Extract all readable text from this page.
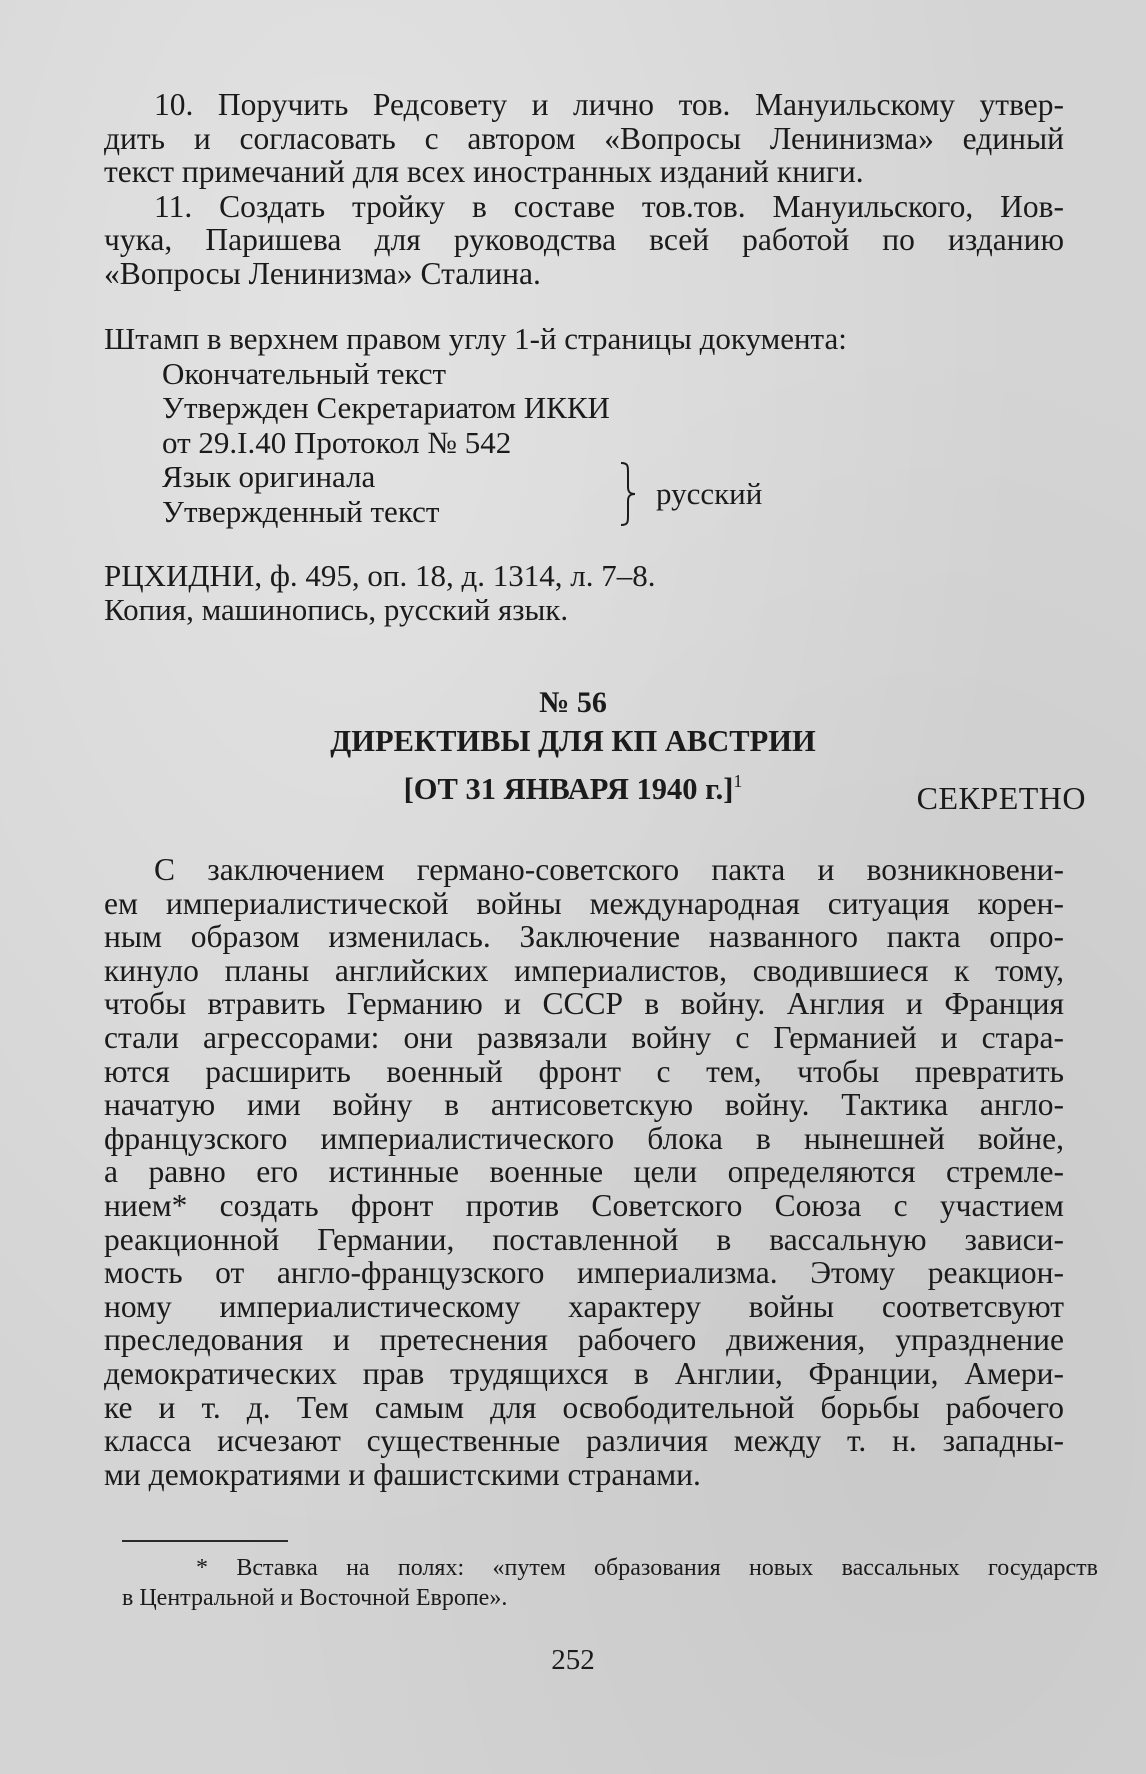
10. Поручить Редсовету и лично тов. Мануильскому утвер-
дить и согласовать с автором «Вопросы Ленинизма» единый
текст примечаний для всех иностранных изданий книги.

11. Создать тройку в составе тов.тов. Мануильского, Иов-
чука, Паришева для руководства всей работой по изданию
«Вопросы Ленинизма» Сталина.

Штамп в верхнем правом углу 1-й страницы документа:
Окончательный текст
Утвержден Секретариатом ИККИ
от 29.I.40 Протокол № 542
Язык оригинала
Утвержденный текст	русский
РЦХИДНИ, ф. 495, оп. 18, д. 1314, л. 7–8.
Копия, машинопись, русский язык.
№ 56
ДИРЕКТИВЫ ДЛЯ КП АВСТРИИ
[ОТ 31 ЯНВАРЯ 1940 г.]$^1$	СЕКРЕТНО
С заключением германо-советского пакта и возникновени-
ем империалистической войны международная ситуация корен-
ным образом изменилась. Заключение названного пакта опро-
кинуло планы английских империалистов, сводившиеся к тому,
чтобы втравить Германию и СССР в войну. Англия и Франция
стали агрессорами: они развязали войну с Германией и стара-
ются расширить военный фронт с тем, чтобы превратить
начатую ими войну в антисоветскую войну. Тактика англо-
французского империалистического блока в нынешней войне,
а равно его истинные военные цели определяются стремле-
нием* создать фронт против Советского Союза с участием
реакционной Германии, поставленной в вассальную зависи-
мость от англо-французского империализма. Этому реакцион-
ному империалистическому характеру войны соответсвуют
преследования и претеснения рабочего движения, упразднение
демократических прав трудящихся в Англии, Франции, Амери-
ке и т. д. Тем самым для освободительной борьбы рабочего
класса исчезают существенные различия между т. н. западны-
ми демократиями и фашистскими странами.
* Вставка на полях: «путем образования новых вассальных государств
в Центральной и Восточной Европе».
252
